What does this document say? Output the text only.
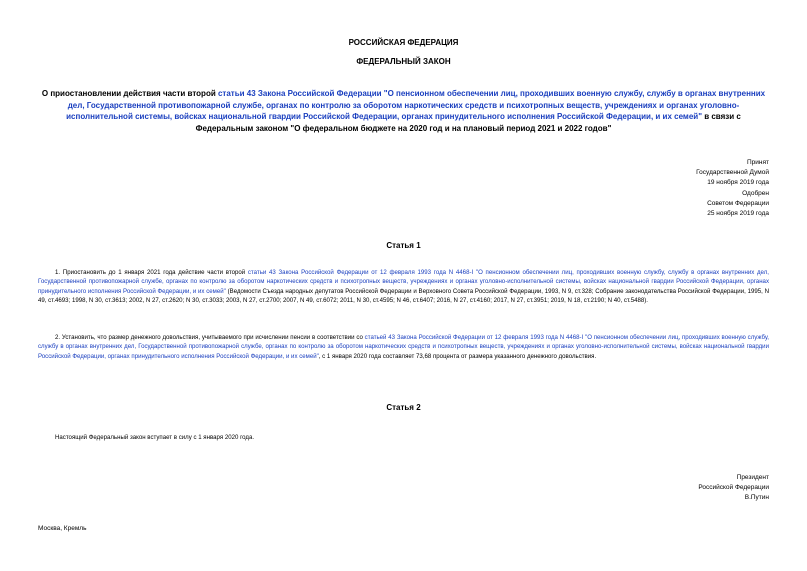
РОССИЙСКАЯ ФЕДЕРАЦИЯ
ФЕДЕРАЛЬНЫЙ ЗАКОН
О приостановлении действия части второй статьи 43 Закона Российской Федерации "О пенсионном обеспечении лиц, проходивших военную службу, службу в органах внутренних дел, Государственной противопожарной службе, органах по контролю за оборотом наркотических средств и психотропных веществ, учреждениях и органах уголовно-исполнительной системы, войсках национальной гвардии Российской Федерации, органах принудительного исполнения Российской Федерации, и их семей" в связи с Федеральным законом "О федеральном бюджете на 2020 год и на плановый период 2021 и 2022 годов"
Принят
Государственной Думой
19 ноября 2019 года
Одобрен
Советом Федерации
25 ноября 2019 года
Статья 1
1. Приостановить до 1 января 2021 года действие части второй статьи 43 Закона Российской Федерации от 12 февраля 1993 года N 4468-I "О пенсионном обеспечении лиц, проходивших военную службу, службу в органах внутренних дел, Государственной противопожарной службе, органах по контролю за оборотом наркотических средств и психотропных веществ, учреждениях и органах уголовно-исполнительной системы, войсках национальной гвардии Российской Федерации, органах принудительного исполнения Российской Федерации, и их семей" (Ведомости Съезда народных депутатов Российской Федерации и Верховного Совета Российской Федерации, 1993, N 9, ст.328; Собрание законодательства Российской Федерации, 1995, N 49, ст.4693; 1998, N 30, ст.3613; 2002, N 27, ст.2620; N 30, ст.3033; 2003, N 27, ст.2700; 2007, N 49, ст.6072; 2011, N 30, ст.4595; N 46, ст.6407; 2016, N 27, ст.4160; 2017, N 27, ст.3951; 2019, N 18, ст.2190; N 40, ст.5488).
2. Установить, что размер денежного довольствия, учитываемого при исчислении пенсии в соответствии со статьей 43 Закона Российской Федерации от 12 февраля 1993 года N 4468-I "О пенсионном обеспечении лиц, проходивших военную службу, службу в органах внутренних дел, Государственной противопожарной службе, органах по контролю за оборотом наркотических средств и психотропных веществ, учреждениях и органах уголовно-исполнительной системы, войсках национальной гвардии Российской Федерации, органах принудительного исполнения Российской Федерации, и их семей", с 1 января 2020 года составляет 73,68 процента от размера указанного денежного довольствия.
Статья 2
Настоящий Федеральный закон вступает в силу с 1 января 2020 года.
Президент
Российской Федерации
В.Путин
Москва, Кремль
